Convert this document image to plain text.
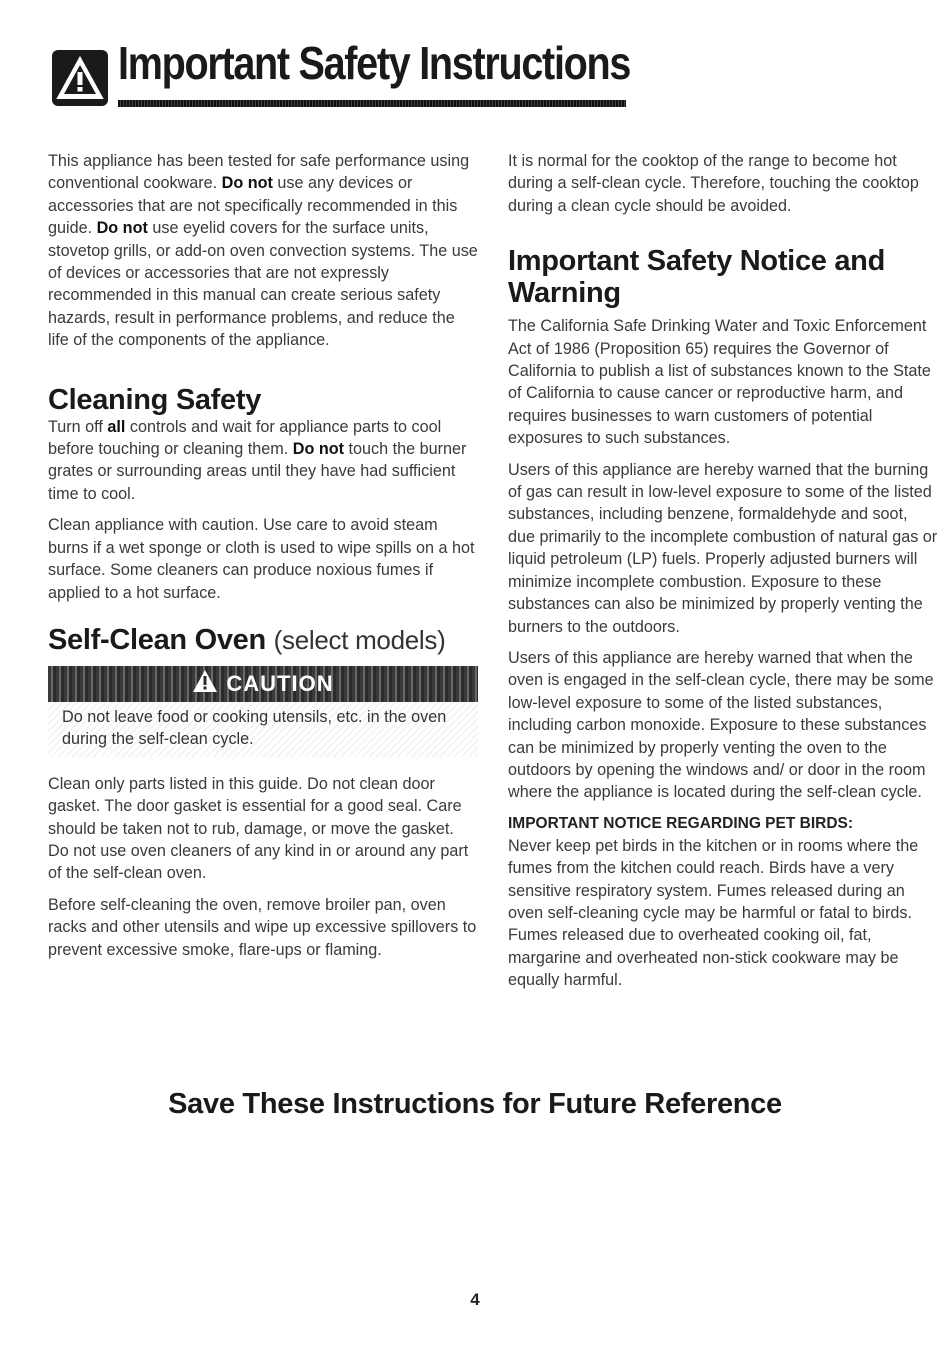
Important Safety Instructions

This appliance has been tested for safe performance using conventional cookware. Do not use any devices or accessories that are not specifically recommended in this guide. Do not use eyelid covers for the surface units, stovetop grills, or add-on oven convection systems. The use of devices or accessories that are not expressly recommended in this manual can create serious safety hazards, result in performance problems, and reduce the life of the components of the appliance.

Cleaning Safety

Turn off all controls and wait for appliance parts to cool before touching or cleaning them. Do not touch the burner grates or surrounding areas until they have had sufficient time to cool.

Clean appliance with caution. Use care to avoid steam burns if a wet sponge or cloth is used to wipe spills on a hot surface. Some cleaners can produce noxious fumes if applied to a hot surface.

Self-Clean Oven (select models)
CAUTION

Do not leave food or cooking utensils, etc. in the oven during the self-clean cycle.

Clean only parts listed in this guide. Do not clean door gasket. The door gasket is essential for a good seal. Care should be taken not to rub, damage, or move the gasket. Do not use oven cleaners of any kind in or around any part of the self-clean oven.

Before self-cleaning the oven, remove broiler pan, oven racks and other utensils and wipe up excessive spillovers to prevent excessive smoke, flare-ups or flaming.

It is normal for the cooktop of the range to become hot during a self-clean cycle. Therefore, touching the cooktop during a clean cycle should be avoided.

Important Safety Notice and Warning

The California Safe Drinking Water and Toxic Enforcement Act of 1986 (Proposition 65) requires the Governor of California to publish a list of substances known to the State of California to cause cancer or reproductive harm, and requires businesses to warn customers of potential exposures to such substances.

Users of this appliance are hereby warned that the burning of gas can result in low-level exposure to some of the listed substances, including benzene, formaldehyde and soot, due primarily to the incomplete combustion of natural gas or liquid petroleum (LP) fuels. Properly adjusted burners will minimize incomplete combustion. Exposure to these substances can also be minimized by properly venting the burners to the outdoors.

Users of this appliance are hereby warned that when the oven is engaged in the self-clean cycle, there may be some low-level exposure to some of the listed substances, including carbon monoxide. Exposure to these substances can be minimized by properly venting the oven to the outdoors by opening the windows and/ or door in the room where the appliance is located during the self-clean cycle.

IMPORTANT NOTICE REGARDING PET BIRDS:

Never keep pet birds in the kitchen or in rooms where the fumes from the kitchen could reach. Birds have a very sensitive respiratory system. Fumes released during an oven self-cleaning cycle may be harmful or fatal to birds. Fumes released due to overheated cooking oil, fat, margarine and overheated non-stick cookware may be equally harmful.

Save These Instructions for Future Reference
4
